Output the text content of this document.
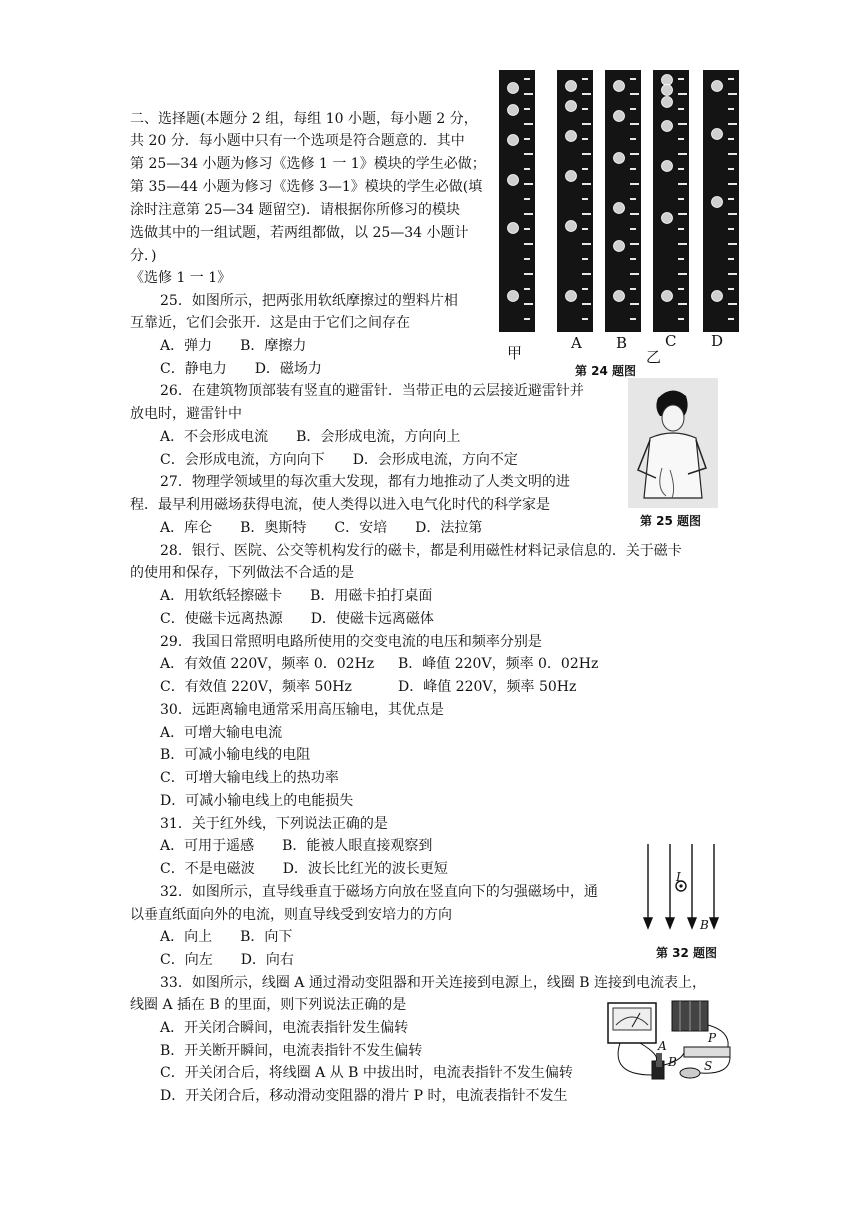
二、选择题(本题分 2 组，每组 10 小题，每小题 2 分，
共 20 分．每小题中只有一个选项是符合题意的．其中
第 25—34 小题为修习《选修 1 一 1》模块的学生必做；
第 35—44 小题为修习《选修 3—1》模块的学生必做(填
涂时注意第 25—34 题留空)．请根据你所修习的模块
选做其中的一组试题，若两组都做，以 25—34 小题计
分．)
《选修 1 一 1》
25．如图所示，把两张用软纸摩擦过的塑料片相
互靠近，它们会张开．这是由于它们之间存在
A．弹力　　B．摩擦力
C．静电力　　D．磁场力
26．在建筑物顶部装有竖直的避雷针．当带正电的云层接近避雷针并
放电时，避雷针中
A．不会形成电流　　B．会形成电流，方向向上
C．会形成电流，方向向下　　D．会形成电流，方向不定
27．物理学领域里的每次重大发现，都有力地推动了人类文明的进
程．最早利用磁场获得电流，使人类得以进入电气化时代的科学家是
A．库仑　　B．奥斯特　　C．安培　　D．法拉第
28．银行、医院、公交等机构发行的磁卡，都是利用磁性材料记录信息的．关于磁卡
的使用和保存，下列做法不合适的是
A．用软纸轻擦磁卡　　B．用磁卡拍打桌面
C．使磁卡远离热源　　D．使磁卡远离磁体
29．我国日常照明电路所使用的交变电流的电压和频率分别是
A．有效值 220V，频率 0．02Hz B．峰值 220V，频率 0．02Hz
C．有效值 220V，频率 50Hz	D．峰值 220V，频率 50Hz
30．远距离输电通常采用高压输电，其优点是
A．可增大输电电流
B．可减小输电线的电阻
C．可增大输电线上的热功率
D．可减小输电线上的电能损失
31．关于红外线，下列说法正确的是
A．可用于遥感　　B．能被人眼直接观察到
C．不是电磁波　　D．波长比红光的波长更短
32．如图所示，直导线垂直于磁场方向放在竖直向下的匀强磁场中，通
以垂直纸面向外的电流，则直导线受到安培力的方向
A．向上　　B．向下
C．向左　　D．向右
33．如图所示，线圈 A 通过滑动变阻器和开关连接到电源上，线圈 B 连接到电流表上，
线圈 A 插在 B 的里面，则下列说法正确的是
A．开关闭合瞬间，电流表指针发生偏转
B．开关断开瞬间，电流表指针不发生偏转
C．开关闭合后，将线圈 A 从 B 中拔出时，电流表指针不发生偏转
D．开关闭合后，移动滑动变阻器的滑片 P 时，电流表指针不发生
甲
A B
乙
C D
第 24 题图
第 25 题图
I
B
第 32 题图
A
B
P
S
